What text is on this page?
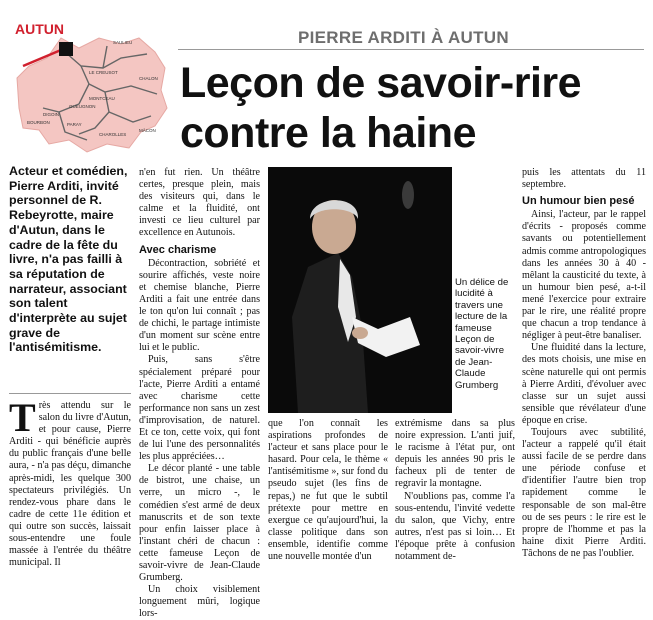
AUTUN
SAULIEU
LE CREUSOT
CHALON
MÂCON
MONTCEAU
DIGOIN
PARAY
CHAROLLES
GUEUGNON
BOURBON
PIERRE ARDITI À AUTUN
Leçon de savoir-rire
contre la haine
Acteur et comédien, Pierre Arditi, invité personnel de R. Rebeyrotte, maire d'Autun, dans le cadre de la fête du livre, n'a pas failli à sa réputation de narrateur, associant son talent d'interprète au sujet grave de l'antisémitisme.
T rès attendu sur le salon du livre d'Autun, et pour cause, Pierre Arditi - qui bénéficie auprès du public français d'une belle aura, - n'a pas déçu, dimanche après-midi, les quelque 300 spectateurs privilégiés. Un rendez-vous phare dans le cadre de cette 11e édition et qui outre son succès, laissait sous-entendre une foule massée à l'entrée du théâtre municipal. Il

n'en fut rien. Un théâtre certes, presque plein, mais des visiteurs qui, dans le calme et la fluidité, ont investi ce lieu culturel par excellence en Autunois.

Avec charisme

Décontraction, sobriété et sourire affichés, veste noire et chemise blanche, Pierre Arditi a fait une entrée dans le ton qu'on lui connaît ; pas de chichi, le partage intimiste d'un moment sur scène entre lui et le public.

Puis, sans s'être spécialement préparé pour l'acte, Pierre Arditi a entamé avec charisme cette performance non sans un zest d'improvisation, de naturel. Et ce ton, cette voix, qui font de lui l'une des personnalités les plus appréciées…

Le décor planté - une table de bistrot, une chaise, un verre, un micro -, le comédien s'est armé de deux manuscrits et de son texte pour enfin laisser place à l'instant chéri de chacun : cette fameuse Leçon de savoir-vivre de Jean-Claude Grumberg.

Un choix visiblement longuement mûri, logique lors-

Un délice de lucidité à travers une lecture de la fameuse Leçon de savoir-vivre de Jean-Claude Grumberg

que l'on connaît les aspirations profondes de l'acteur et sans place pour le hasard. Pour cela, le thème « l'antisémitisme », sur fond du pseudo sujet (les fins de repas,) ne fut que le subtil prétexte pour mettre en exergue ce qu'aujourd'hui, la classe politique dans son ensemble, identifie comme une nouvelle montée d'un

extrémisme dans sa plus noire expression. L'anti juif, le racisme à l'état pur, ont depuis les années 90 pris le facheux pli de tenter de regravir la montagne.

N'oublions pas, comme l'a sous-entendu, l'invité vedette du salon, que Vichy, entre autres, n'est pas si loin… Et l'époque prête à confusion notamment de-

puis les attentats du 11 septembre.

Un humour bien pesé

Ainsi, l'acteur, par le rappel d'écrits - proposés comme savants ou potentiellement admis comme antropologiques dans les années 30 à 40 - mêlant la causticité du texte, à un humour bien pesé, a-t-il mené l'exercice pour extraire par le rire, une réalité propre que chacun a trop tendance à négliger à peut-être banaliser.

Une fluidité dans la lecture, des mots choisis, une mise en scène naturelle qui ont permis à Pierre Arditi, d'évoluer avec classe sur un sujet aussi sensible que révélateur d'une époque en crise.

Toujours avec subtilité, l'acteur a rappelé qu'il était aussi facile de se perdre dans une période confuse et d'identifier l'autre bien trop rapidement comme le responsable de son mal-être ou de ses peurs : le rire est le propre de l'homme et pas la haine dixit Pierre Arditi. Tâchons de ne pas l'oublier.
